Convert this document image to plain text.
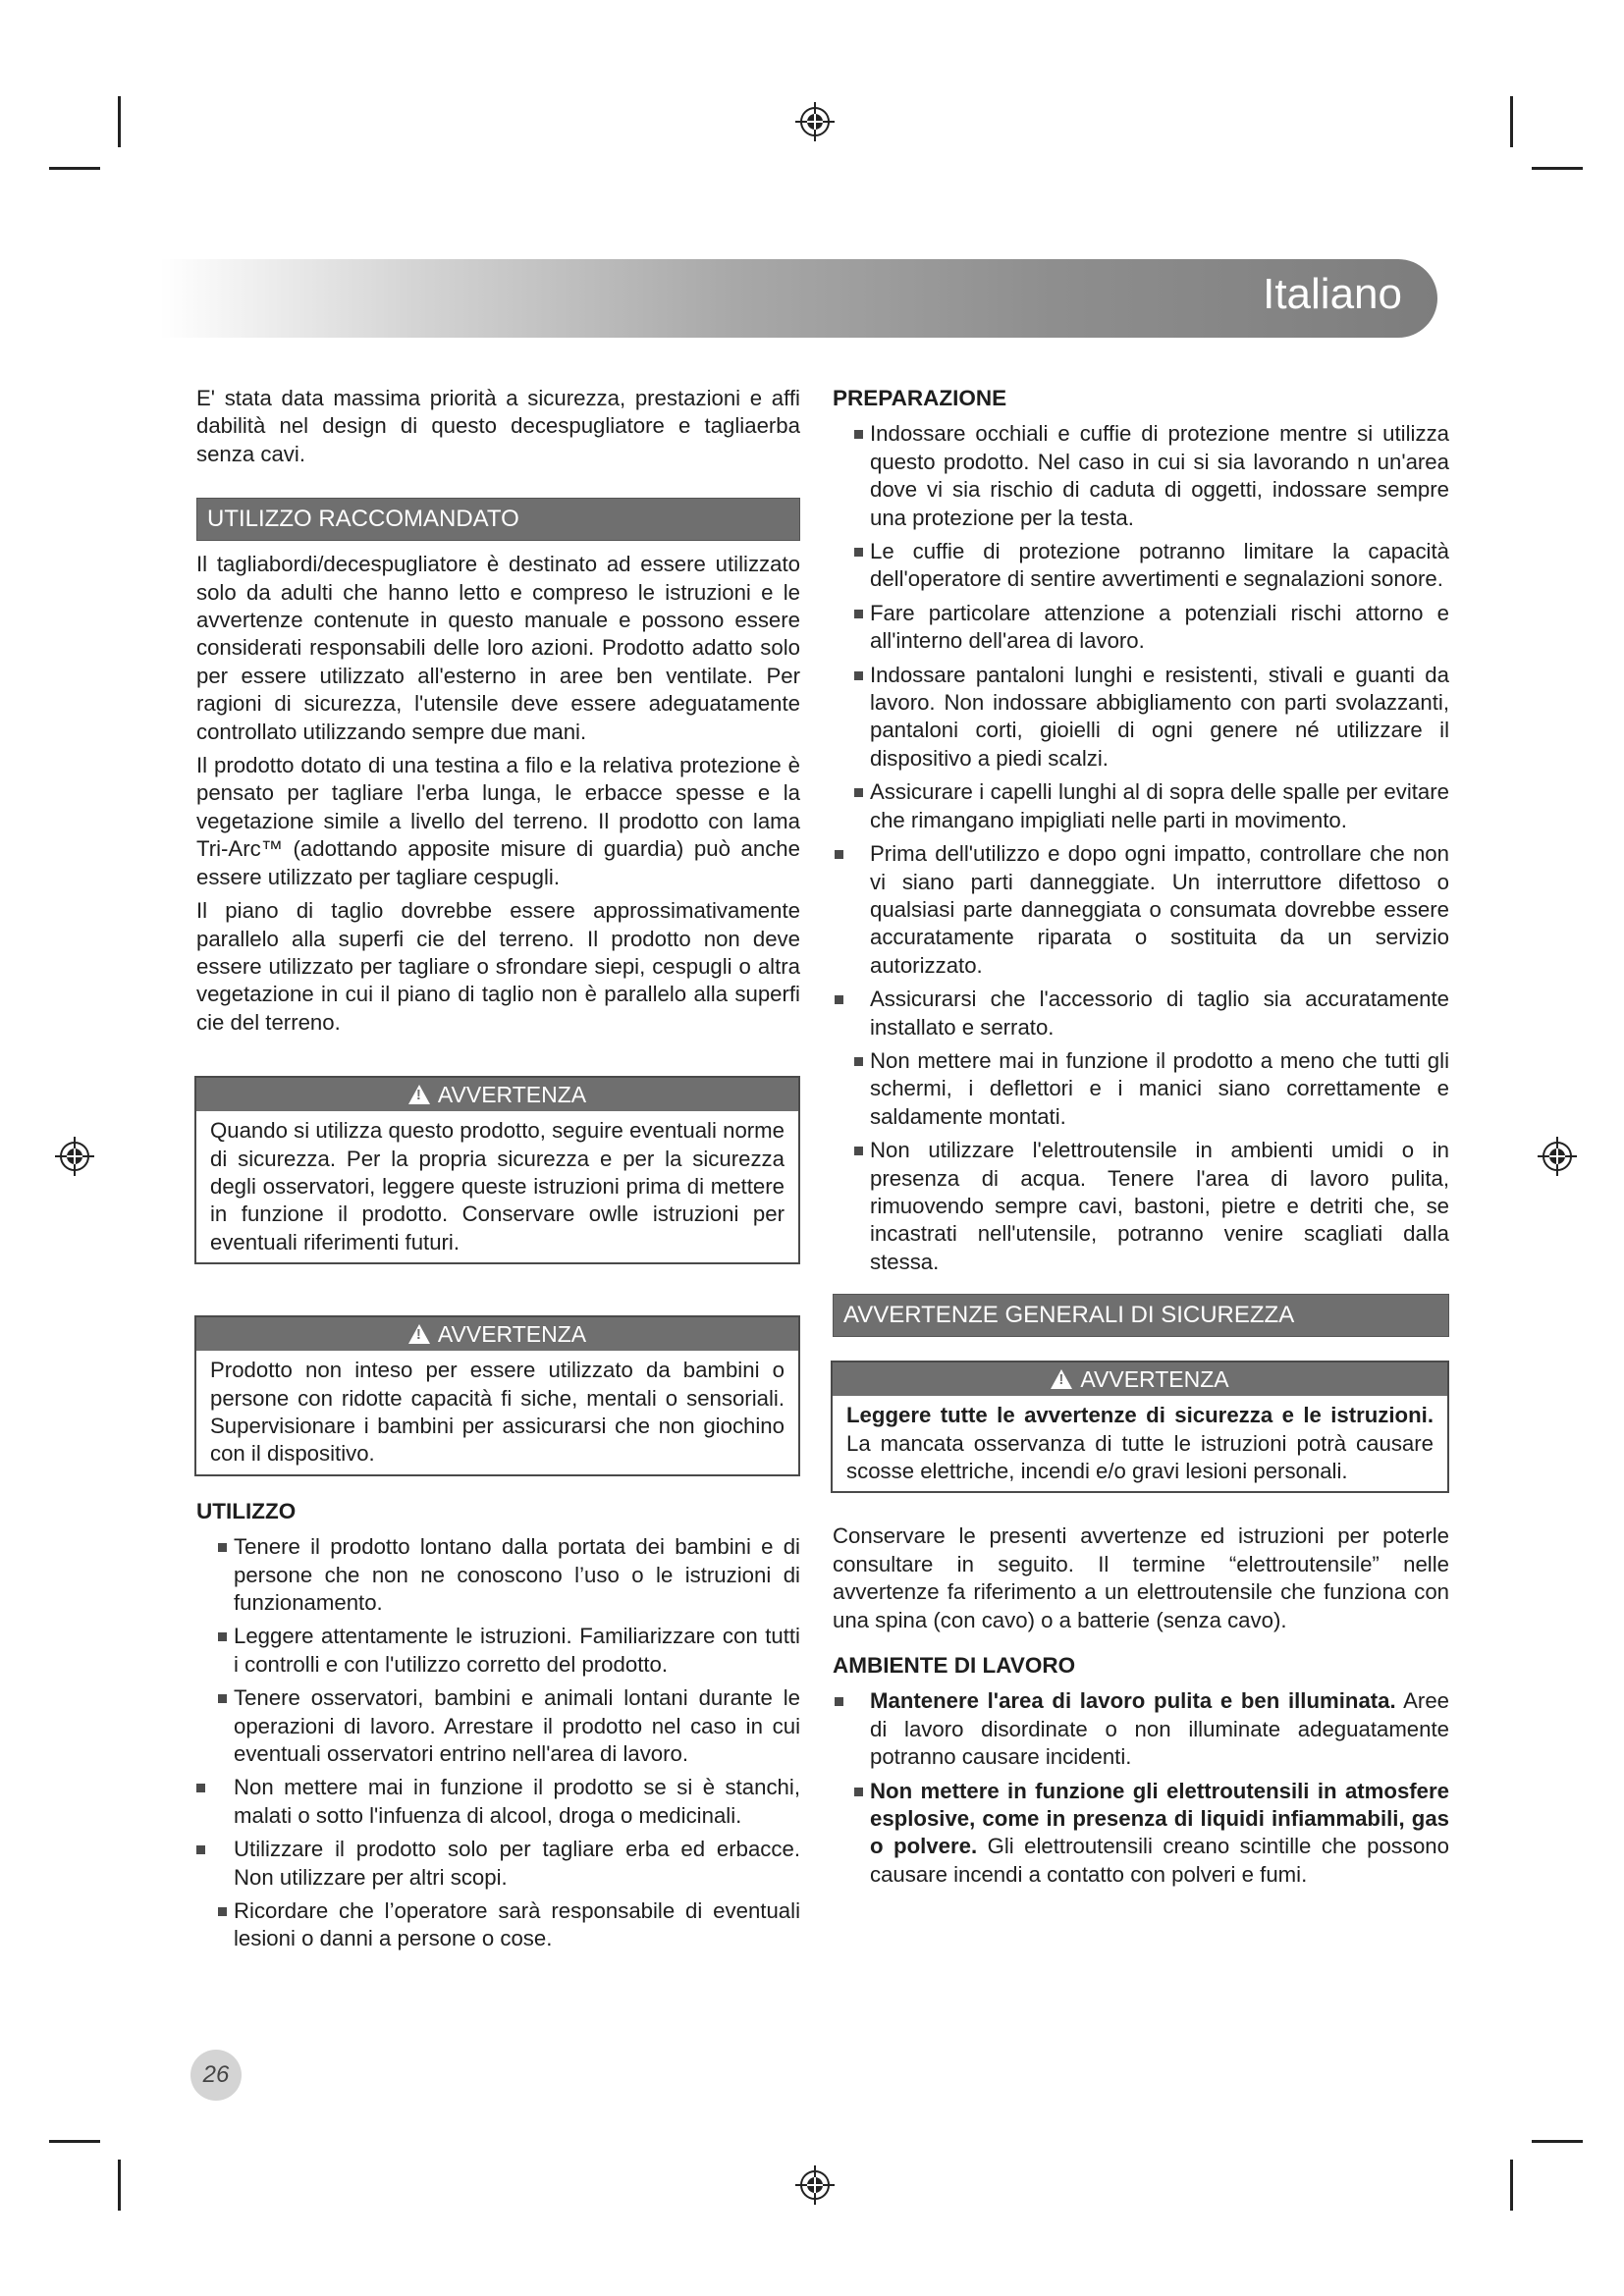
Italiano

E' stata data massima priorità a sicurezza, prestazioni e affi dabilità nel design di questo decespugliatore e tagliaerba senza cavi.

UTILIZZO RACCOMANDATO

Il tagliabordi/decespugliatore è destinato ad essere utilizzato solo da adulti che hanno letto e compreso le istruzioni e le avvertenze contenute in questo manuale e possono essere considerati responsabili delle loro azioni. Prodotto adatto solo per essere utilizzato all'esterno in aree ben ventilate. Per ragioni di sicurezza, l'utensile deve essere adeguatamente controllato utilizzando sempre due mani.

Il prodotto dotato di una testina a filo e la relativa protezione è pensato per tagliare l'erba lunga, le erbacce spesse e la vegetazione simile a livello del terreno. Il prodotto con lama Tri-Arc™ (adottando apposite misure di guardia) può anche essere utilizzato per tagliare cespugli.

Il piano di taglio dovrebbe essere approssimativamente parallelo alla superfi cie del terreno. Il prodotto non deve essere utilizzato per tagliare o sfrondare siepi, cespugli o altra vegetazione in cui il piano di taglio non è parallelo alla superfi cie del terreno.

!AVVERTENZA
Quando si utilizza questo prodotto, seguire eventuali norme di sicurezza. Per la propria sicurezza e per la sicurezza degli osservatori, leggere queste istruzioni prima di mettere in funzione il prodotto. Conservare owlle istruzioni per eventuali riferimenti futuri.
!AVVERTENZA
Prodotto non inteso per essere utilizzato da bambini o persone con ridotte capacità fi siche, mentali o sensoriali. Supervisionare i bambini per assicurarsi che non giochino con il dispositivo.
UTILIZZO
Tenere il prodotto lontano dalla portata dei bambini e di persone che non ne conoscono l’uso o le istruzioni di funzionamento.
Leggere attentamente le istruzioni. Familiarizzare con tutti i controlli e con l'utilizzo corretto del prodotto.
Tenere osservatori, bambini e animali lontani durante le operazioni di lavoro. Arrestare il prodotto nel caso in cui eventuali osservatori entrino nell'area di lavoro.
Non mettere mai in funzione il prodotto se si è stanchi, malati o sotto l'infuenza di alcool, droga o medicinali.
Utilizzare il prodotto solo per tagliare erba ed erbacce. Non utilizzare per altri scopi.
Ricordare che l’operatore sarà responsabile di eventuali lesioni o danni a persone o cose.
PREPARAZIONE
Indossare occhiali e cuffie di protezione mentre si utilizza questo prodotto. Nel caso in cui si sia lavorando n un'area dove vi sia rischio di caduta di oggetti, indossare sempre una protezione per la testa.
Le cuffie di protezione potranno limitare la capacità dell'operatore di sentire avvertimenti e segnalazioni sonore.
Fare particolare attenzione a potenziali rischi attorno e all'interno dell'area di lavoro.
Indossare pantaloni lunghi e resistenti, stivali e guanti da lavoro. Non indossare abbigliamento con parti svolazzanti, pantaloni corti, gioielli di ogni genere né utilizzare il dispositivo a piedi scalzi.
Assicurare i capelli lunghi al di sopra delle spalle per evitare che rimangano impigliati nelle parti in movimento.
Prima dell'utilizzo e dopo ogni impatto, controllare che non vi siano parti danneggiate. Un interruttore difettoso o qualsiasi parte danneggiata o consumata dovrebbe essere accuratamente riparata o sostituita da un servizio autorizzato.
Assicurarsi che l'accessorio di taglio sia accuratamente installato e serrato.
Non mettere mai in funzione il prodotto a meno che tutti gli schermi, i deflettori e i manici siano correttamente e saldamente montati.
Non utilizzare l'elettroutensile in ambienti umidi o in presenza di acqua. Tenere l'area di lavoro pulita, rimuovendo sempre cavi, bastoni, pietre e detriti che, se incastrati nell'utensile, potranno venire scagliati dalla stessa.
AVVERTENZE GENERALI DI SICUREZZA
!AVVERTENZA
Leggere tutte le avvertenze di sicurezza e le istruzioni. La mancata osservanza di tutte le istruzioni potrà causare scosse elettriche, incendi e/o gravi lesioni personali.

Conservare le presenti avvertenze ed istruzioni per poterle consultare in seguito. Il termine “elettroutensile” nelle avvertenze fa riferimento a un elettroutensile che funziona con una spina (con cavo) o a batterie (senza cavo).

AMBIENTE DI LAVORO
Mantenere l'area di lavoro pulita e ben illuminata. Aree di lavoro disordinate o non illuminate adeguatamente potranno causare incidenti.
Non mettere in funzione gli elettroutensili in atmosfere esplosive, come in presenza di liquidi infiammabili, gas o polvere. Gli elettroutensili creano scintille che possono causare incendi a contatto con polveri e fumi.
26
